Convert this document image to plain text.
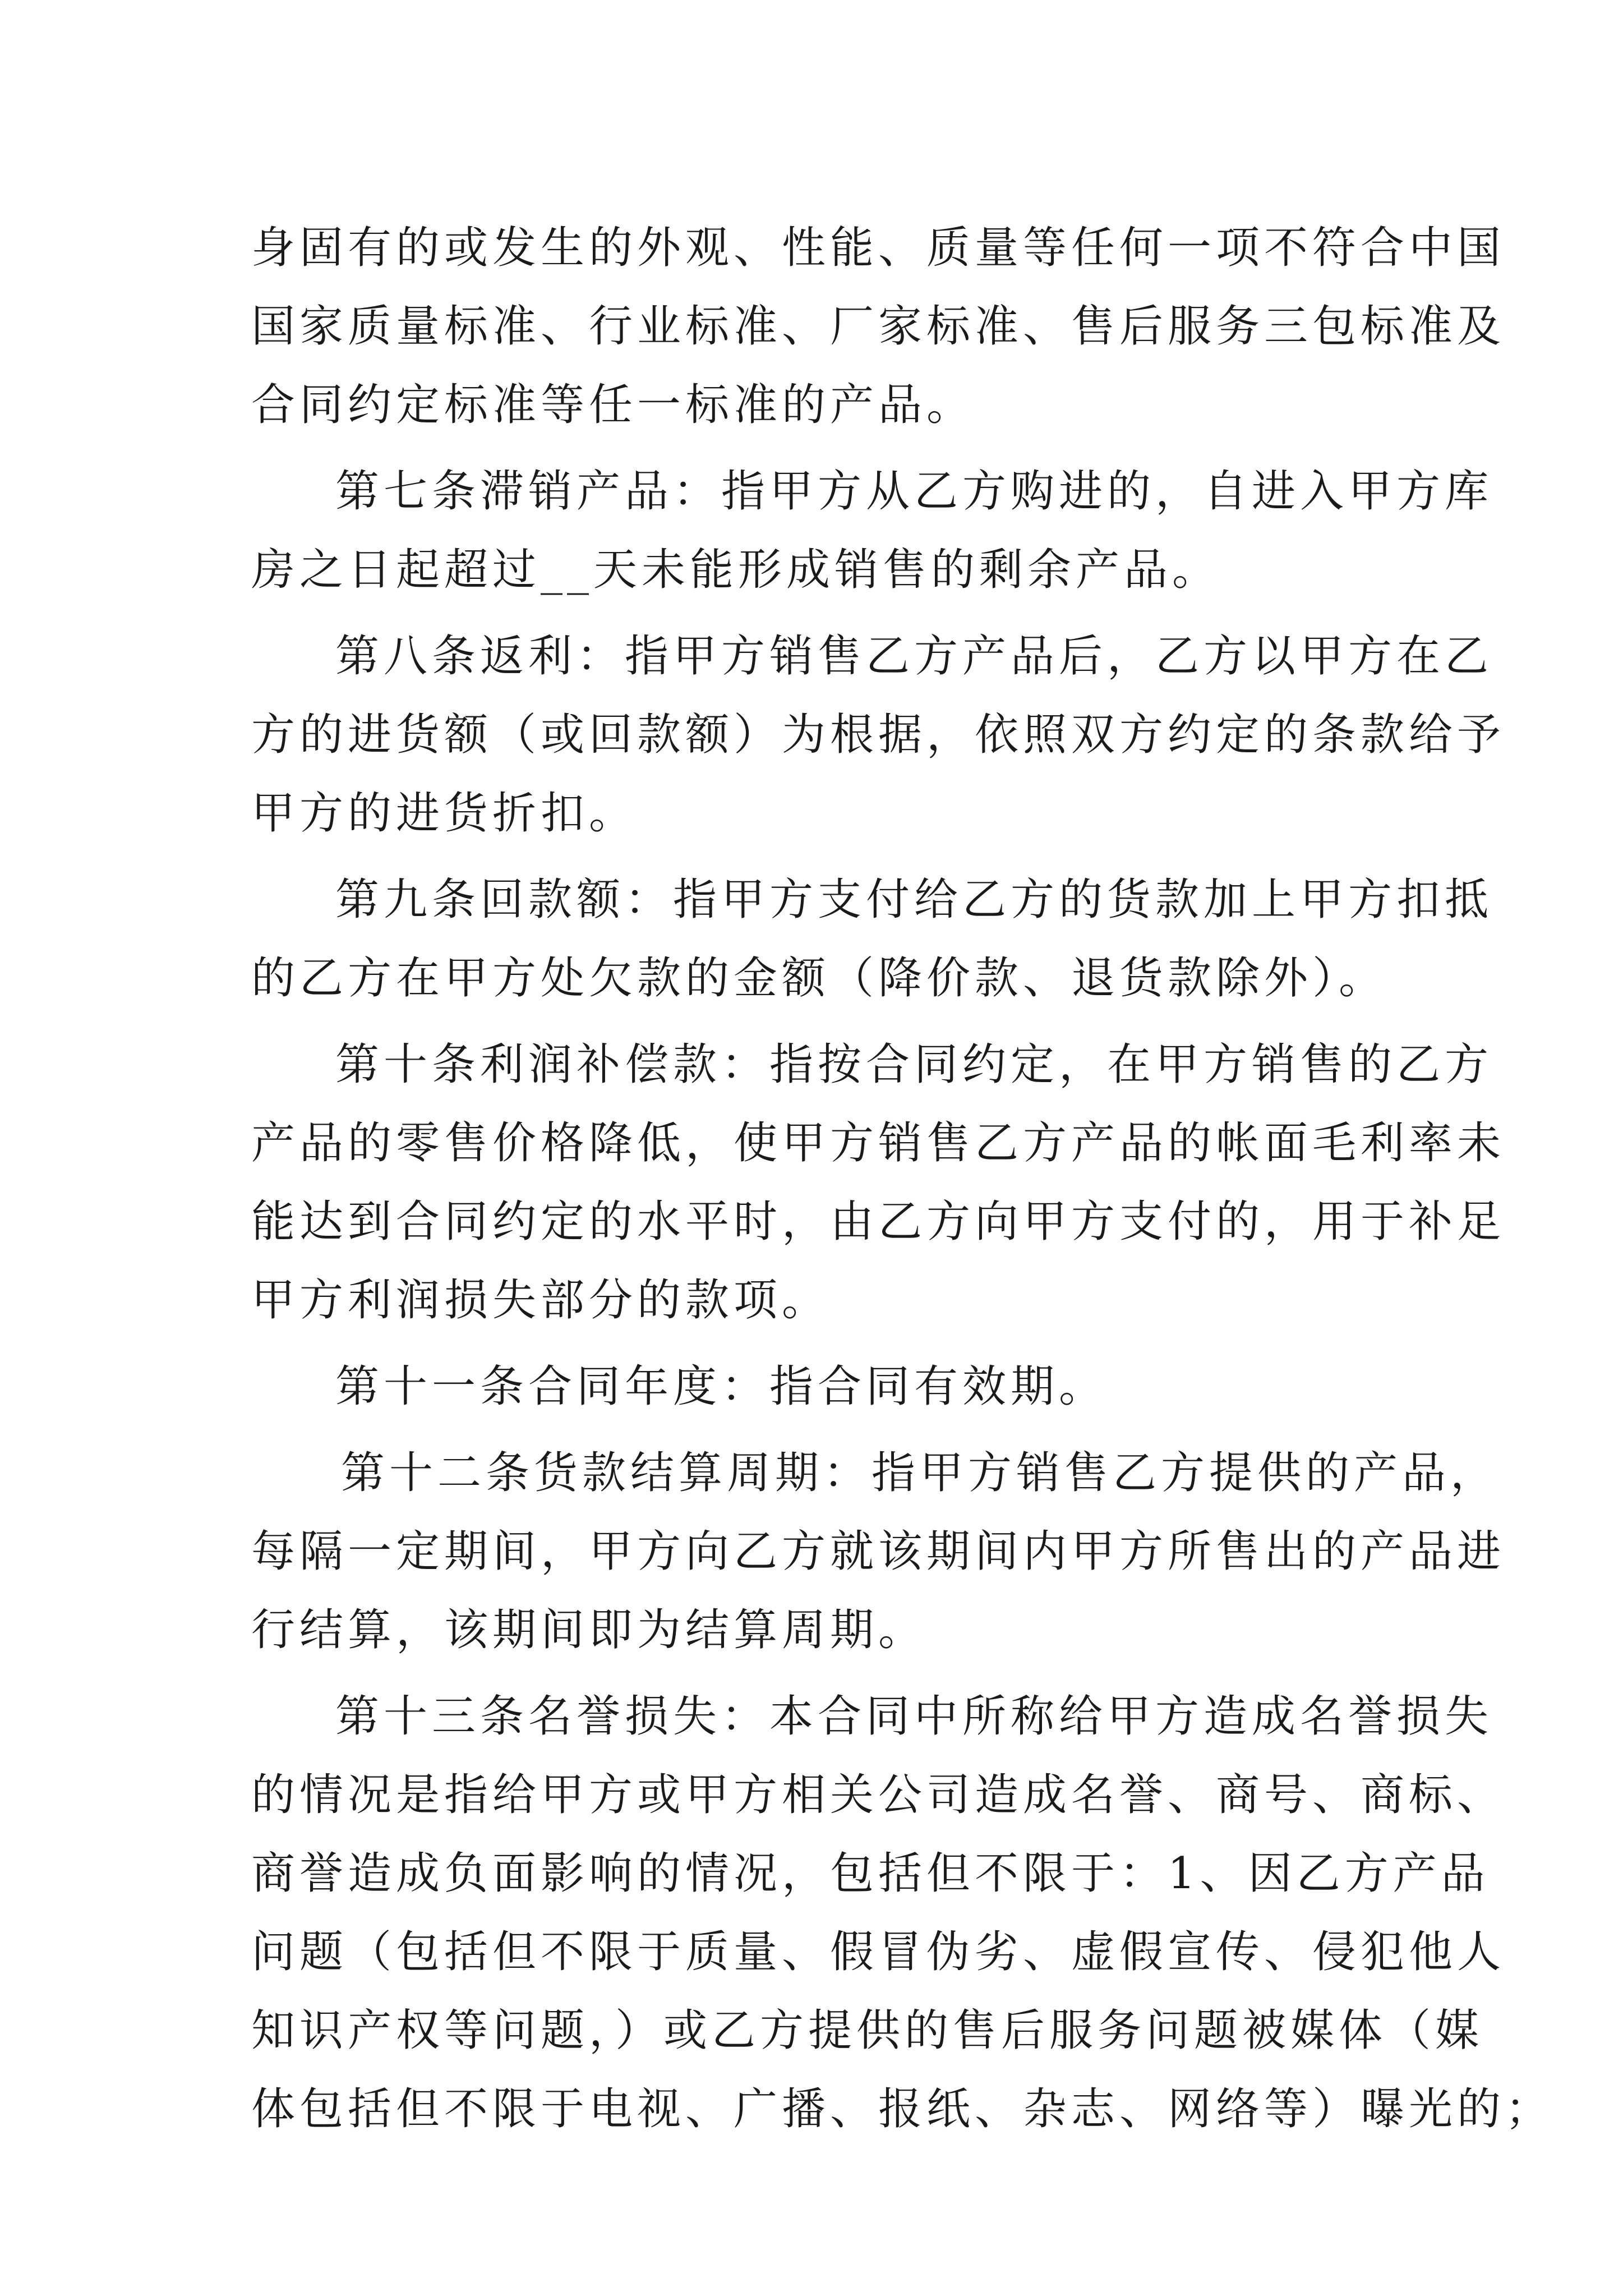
身固有的或发生的外观、性能、质量等任何一项不符合中国
国家质量标准、行业标准、厂家标准、售后服务三包标准及
合同约定标准等任一标准的产品。
第七条滞销产品：指甲方从乙方购进的，自进入甲方库
房之日起超过__天未能形成销售的剩余产品。
第八条返利：指甲方销售乙方产品后，乙方以甲方在乙
方的进货额（或回款额）为根据，依照双方约定的条款给予
甲方的进货折扣。
第九条回款额：指甲方支付给乙方的货款加上甲方扣抵
的乙方在甲方处欠款的金额（降价款、退货款除外）。
第十条利润补偿款：指按合同约定，在甲方销售的乙方
产品的零售价格降低，使甲方销售乙方产品的帐面毛利率未
能达到合同约定的水平时，由乙方向甲方支付的，用于补足
甲方利润损失部分的款项。
第十一条合同年度：指合同有效期。
第十二条货款结算周期：指甲方销售乙方提供的产品，
每隔一定期间，甲方向乙方就该期间内甲方所售出的产品进
行结算，该期间即为结算周期。
第十三条名誉损失：本合同中所称给甲方造成名誉损失
的情况是指给甲方或甲方相关公司造成名誉、商号、商标、
商誉造成负面影响的情况，包括但不限于：1、因乙方产品
问题（包括但不限于质量、假冒伪劣、虚假宣传、侵犯他人
知识产权等问题，）或乙方提供的售后服务问题被媒体（媒
体包括但不限于电视、广播、报纸、杂志、网络等）曝光的；
